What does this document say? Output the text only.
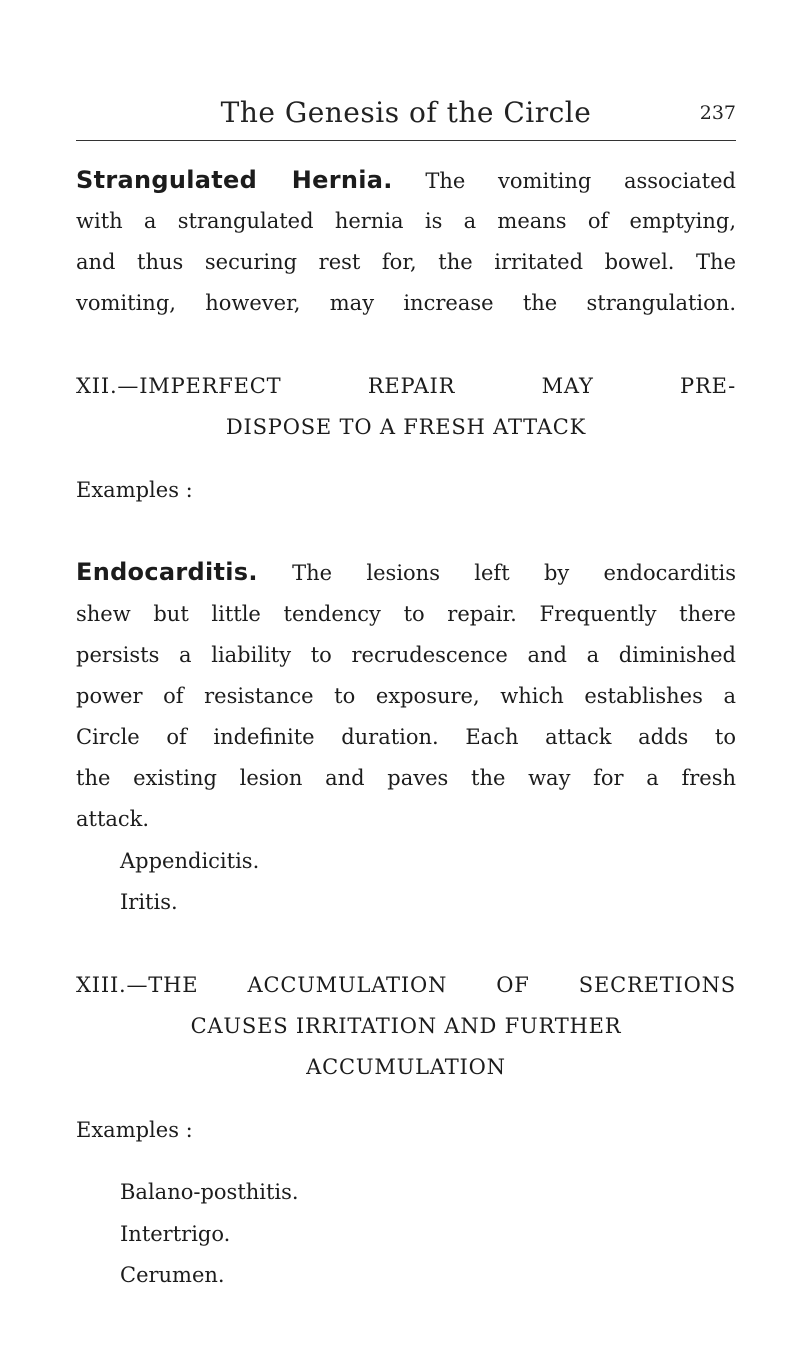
The Genesis of the Circle	237
Strangulated Hernia. The vomiting associated
with a strangulated hernia is a means of emptying,
and thus securing rest for, the irritated bowel. The
vomiting, however, may increase the strangulation.
XII.—IMPERFECT REPAIR MAY PRE-
DISPOSE TO A FRESH ATTACK
Examples :
Endocarditis. The lesions left by endocarditis
shew but little tendency to repair. Frequently there
persists a liability to recrudescence and a diminished
power of resistance to exposure, which establishes a
Circle of indefinite duration. Each attack adds to
the existing lesion and paves the way for a fresh
attack.
Appendicitis.
Iritis.
XIII.—THE ACCUMULATION OF SECRETIONS
CAUSES IRRITATION AND FURTHER
ACCUMULATION
Examples :
Balano-posthitis.
Intertrigo.
Cerumen.
